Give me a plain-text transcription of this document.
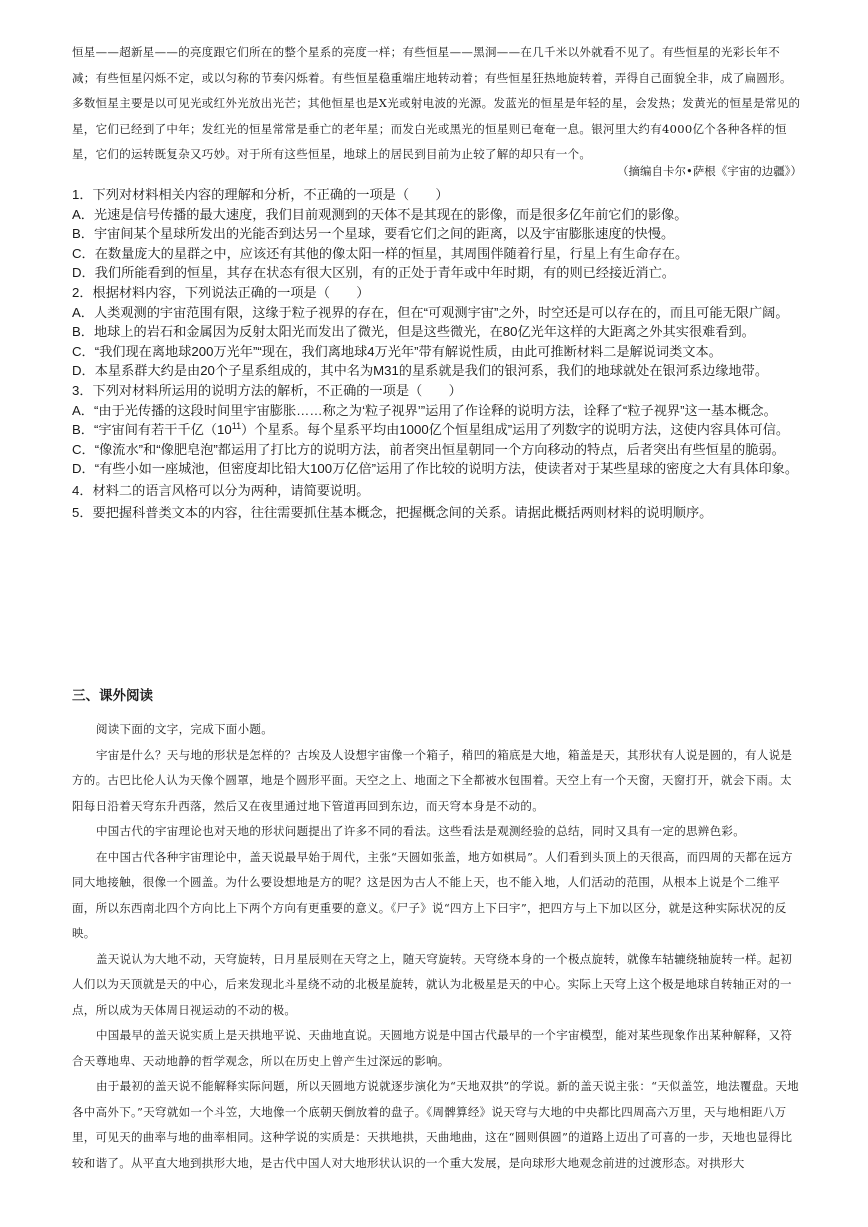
恒星——超新星——的亮度跟它们所在的整个星系的亮度一样；有些恒星——黑洞——在几千米以外就看不见了。有些恒星的光彩长年不减；有些恒星闪烁不定，或以匀称的节奏闪烁着。有些恒星稳重端庄地转动着；有些恒星狂热地旋转着，弄得自己面貌全非，成了扁圆形。多数恒星主要是以可见光或红外光放出光芒；其他恒星也是X光或射电波的光源。发蓝光的恒星是年轻的星，会发热；发黄光的恒星是常见的星，它们已经到了中年；发红光的恒星常常是垂亡的老年星；而发白光或黑光的恒星则已奄奄一息。银河里大约有4000亿个各种各样的恒星，它们的运转既复杂又巧妙。对于所有这些恒星，地球上的居民到目前为止较了解的却只有一个。

（摘编自卡尔•萨根《宇宙的边疆》）

1．下列对材料相关内容的理解和分析，不正确的一项是（　　）

A．光速是信号传播的最大速度，我们目前观测到的天体不是其现在的影像，而是很多亿年前它们的影像。

B．宇宙间某个星球所发出的光能否到达另一个星球，要看它们之间的距离，以及宇宙膨胀速度的快慢。

C．在数量庞大的星群之中，应该还有其他的像太阳一样的恒星，其周围伴随着行星，行星上有生命存在。

D．我们所能看到的恒星，其存在状态有很大区别，有的正处于青年或中年时期，有的则已经接近消亡。

2．根据材料内容，下列说法正确的一项是（　　）

A．人类观测的宇宙范围有限，这缘于粒子视界的存在，但在“可观测宇宙”之外，时空还是可以存在的，而且可能无限广阔。

B．地球上的岩石和金属因为反射太阳光而发出了微光，但是这些微光，在80亿光年这样的大距离之外其实很难看到。

C．“我们现在离地球200万光年”“现在，我们离地球4万光年”带有解说性质，由此可推断材料二是解说词类文本。

D．本星系群大约是由20个子星系组成的，其中名为M31的星系就是我们的银河系，我们的地球就处在银河系边缘地带。

3．下列对材料所运用的说明方法的解析，不正确的一项是（　　）

A．“由于光传播的这段时间里宇宙膨胀……称之为‘粒子视界’”运用了作诠释的说明方法，诠释了“粒子视界”这一基本概念。

B．“宇宙间有若干千亿$(10^{11})$个星系。每个星系平均由1000亿个恒星组成”运用了列数字的说明方法，这使内容具体可信。

C．“像流水”和“像肥皂泡”都运用了打比方的说明方法，前者突出恒星朝同一个方向移动的特点，后者突出有些恒星的脆弱。

D．“有些小如一座城池，但密度却比铅大100万亿倍”运用了作比较的说明方法，使读者对于某些星球的密度之大有具体印象。

4．材料二的语言风格可以分为两种，请简要说明。

5．要把握科普类文本的内容，往往需要抓住基本概念，把握概念间的关系。请据此概括两则材料的说明顺序。

三、课外阅读

阅读下面的文字，完成下面小题。

宇宙是什么？天与地的形状是怎样的？古埃及人设想宇宙像一个箱子，稍凹的箱底是大地，箱盖是天，其形状有人说是圆的，有人说是方的。古巴比伦人认为天像个圆罩，地是个圆形平面。天空之上、地面之下全都被水包围着。天空上有一个天窗，天窗打开，就会下雨。太阳每日沿着天穹东升西落，然后又在夜里通过地下管道再回到东边，而天穹本身是不动的。

中国古代的宇宙理论也对天地的形状问题提出了许多不同的看法。这些看法是观测经验的总结，同时又具有一定的思辨色彩。

在中国古代各种宇宙理论中，盖天说最早始于周代，主张“天圆如张盖，地方如棋局”。人们看到头顶上的天很高，而四周的天都在远方同大地接触，很像一个圆盖。为什么要设想地是方的呢？这是因为古人不能上天，也不能入地，人们活动的范围，从根本上说是个二维平面，所以东西南北四个方向比上下两个方向有更重要的意义。《尸子》说“四方上下曰宇”，把四方与上下加以区分，就是这种实际状况的反映。

盖天说认为大地不动，天穹旋转，日月星辰则在天穹之上，随天穹旋转。天穹绕本身的一个极点旋转，就像车轱辘绕轴旋转一样。起初人们以为天顶就是天的中心，后来发现北斗星绕不动的北极星旋转，就认为北极星是天的中心。实际上天穹上这个极是地球自转轴正对的一点，所以成为天体周日视运动的不动的极。

中国最早的盖天说实质上是天拱地平说、天曲地直说。天圆地方说是中国古代最早的一个宇宙模型，能对某些现象作出某种解释，又符合天尊地卑、天动地静的哲学观念，所以在历史上曾产生过深远的影响。

由于最初的盖天说不能解释实际问题，所以天圆地方说就逐步演化为“天地双拱”的学说。新的盖天说主张：“天似盖笠，地法覆盘。天地各中高外下。”天穹就如一个斗笠，大地像一个底朝天倒放着的盘子。《周髀算经》说天穹与大地的中央都比四周高六万里，天与地相距八万里，可见天的曲率与地的曲率相同。这种学说的实质是：天拱地拱，天曲地曲，这在“圆则俱圆”的道路上迈出了可喜的一步，天地也显得比较和谐了。从平直大地到拱形大地，是古代中国人对大地形状认识的一个重大发展，是向球形大地观念前进的过渡形态。对拱形大
